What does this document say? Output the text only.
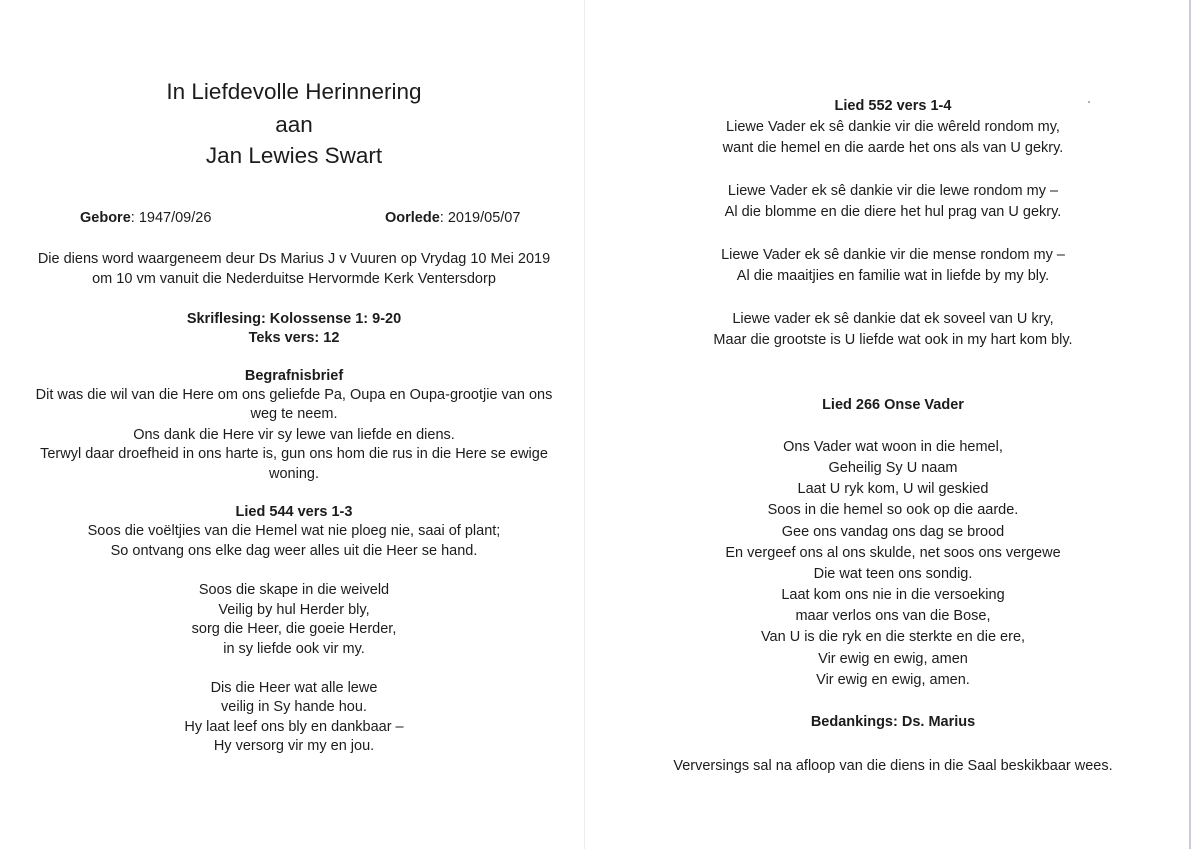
In Liefdevolle Herinnering
aan
Jan Lewies Swart
Gebore: 1947/09/26	Oorlede: 2019/05/07
Die diens word waargeneem deur Ds Marius J v Vuuren op Vrydag 10 Mei 2019
om 10 vm vanuit die Nederduitse Hervormde Kerk Ventersdorp
Skriflesing: Kolossense 1: 9-20
Teks vers: 12
Begrafnisbrief
Dit was die wil van die Here om ons geliefde Pa, Oupa en Oupa-grootjie van ons
weg te neem.
Ons dank die Here vir sy lewe van liefde en diens.
Terwyl daar droefheid in ons harte is, gun ons hom die rus in die Here se ewige
woning.
Lied 544 vers 1-3
Soos die voëltjies van die Hemel wat nie ploeg nie, saai of plant;
So ontvang ons elke dag weer alles uit die Heer se hand.
Soos die skape in die weiveld
Veilig by hul Herder bly,
sorg die Heer, die goeie Herder,
in sy liefde ook vir my.
Dis die Heer wat alle lewe
veilig in Sy hande hou.
Hy laat leef ons bly en dankbaar –
Hy versorg vir my en jou.
Lied 552 vers 1-4
Liewe Vader ek sê dankie vir die wêreld rondom my,
want die hemel en die aarde het ons als van U gekry.
Liewe Vader ek sê dankie vir die lewe rondom my –
Al die blomme en die diere het hul prag van U gekry.
Liewe Vader ek sê dankie vir die mense rondom my –
Al die maaitjies en familie wat in liefde by my bly.
Liewe vader ek sê dankie dat ek soveel van U kry,
Maar die grootste is U liefde wat ook in my hart kom bly.
Lied 266 Onse Vader
Ons Vader wat woon in die hemel,
Geheilig Sy U naam
Laat U ryk kom, U wil geskied
Soos in die hemel so ook op die aarde.
Gee ons vandag ons dag se brood
En vergeef ons al ons skulde, net soos ons vergewe
Die wat teen ons sondig.
Laat kom ons nie in die versoeking
maar verlos ons van die Bose,
Van U is die ryk en die sterkte en die ere,
Vir ewig en ewig, amen
Vir ewig en ewig, amen.
Bedankings: Ds. Marius
Verversings sal na afloop van die diens in die Saal beskikbaar wees.
